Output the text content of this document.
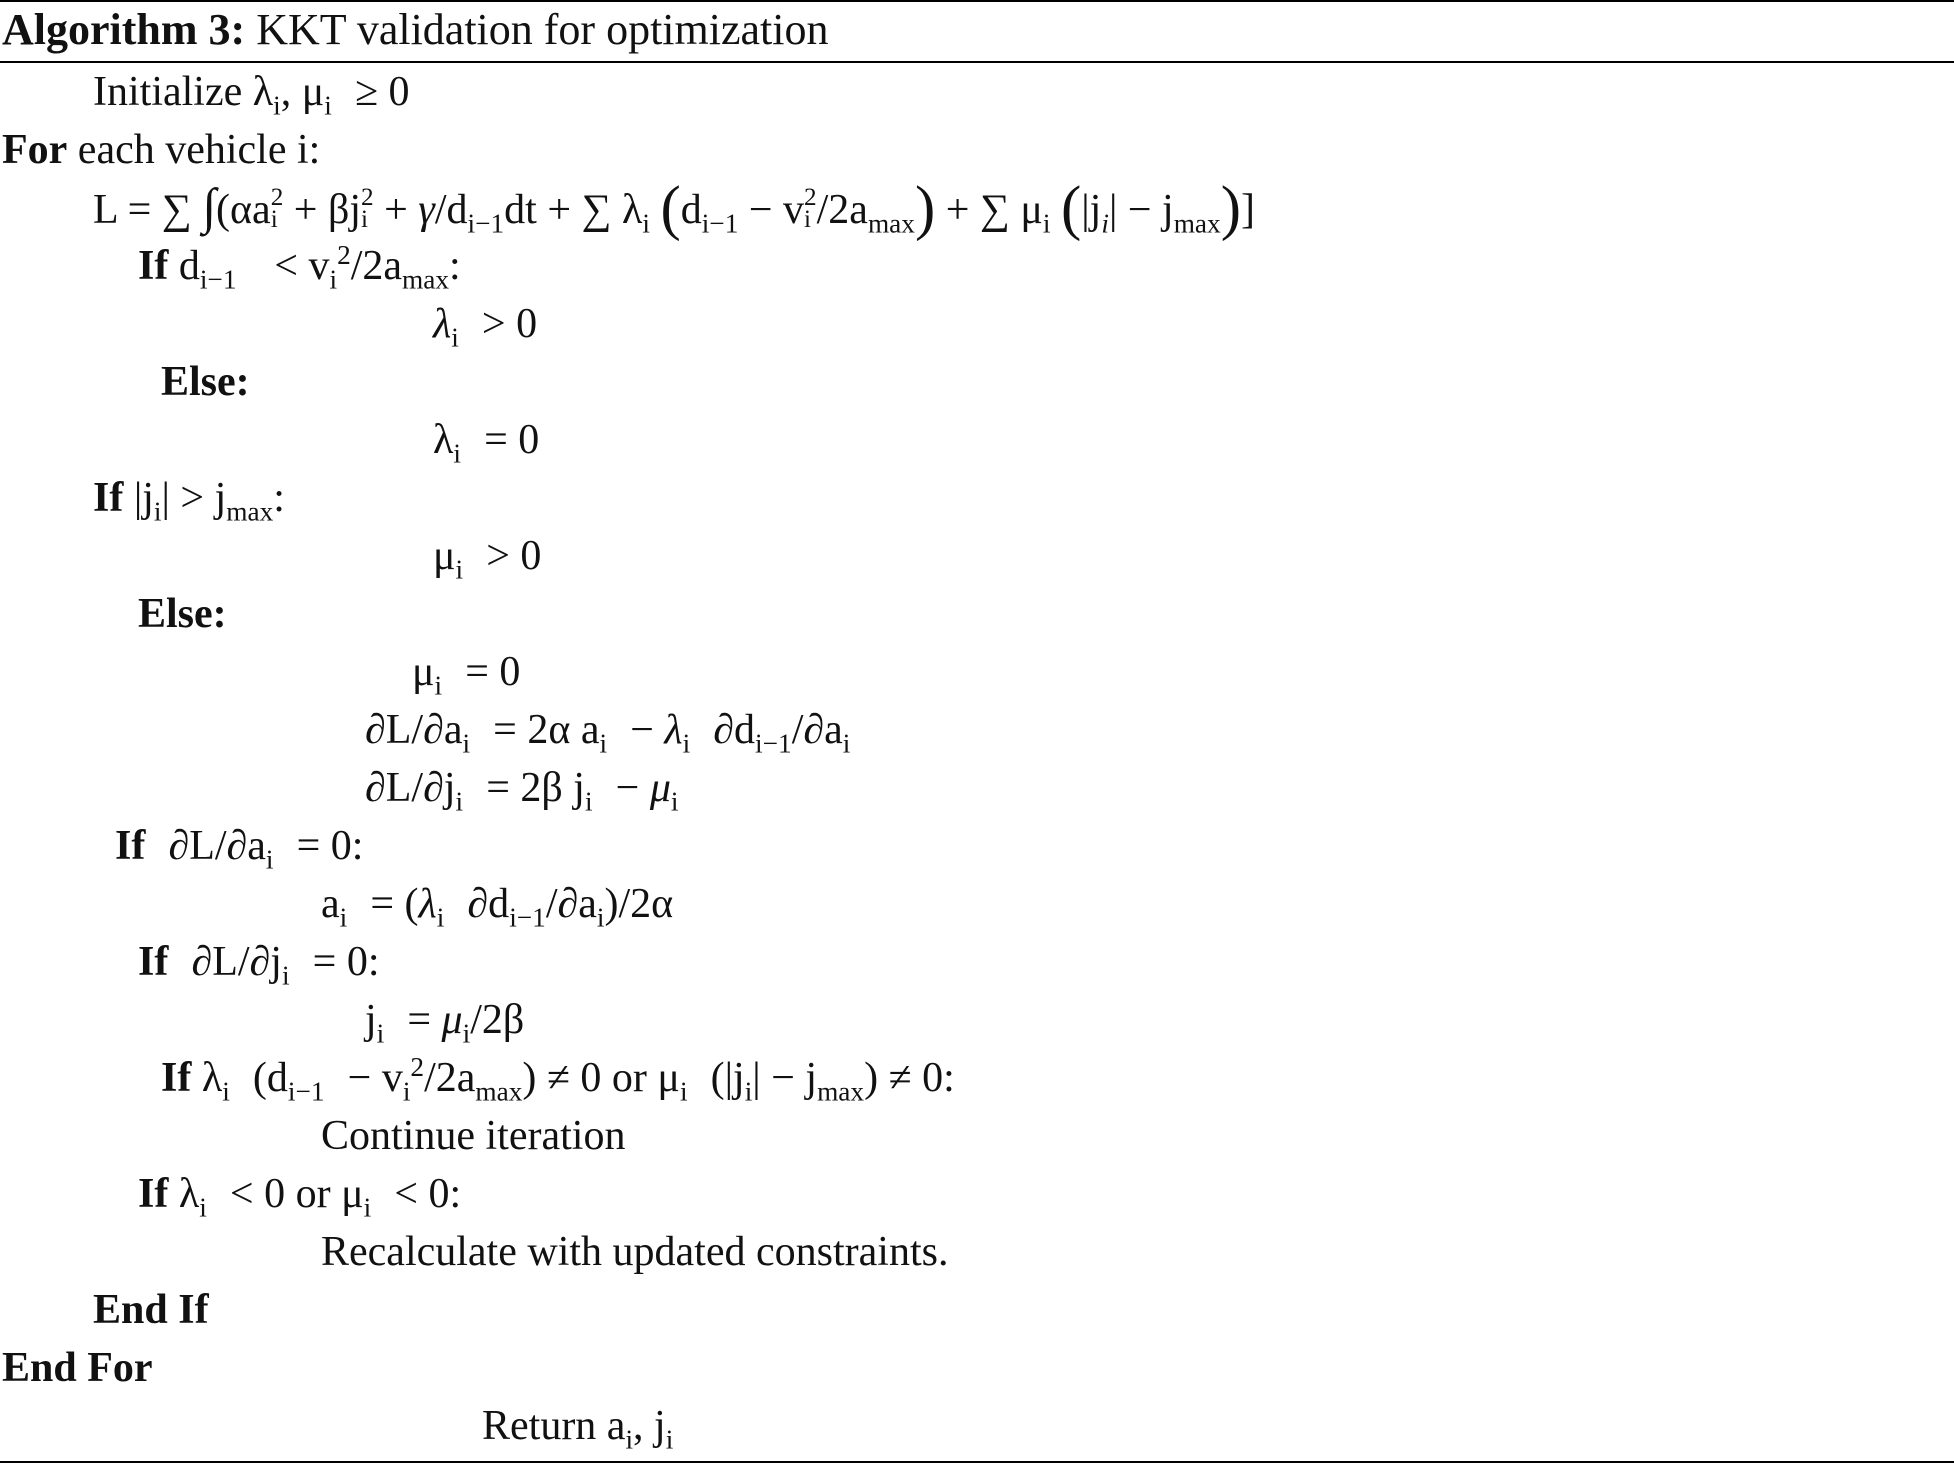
Algorithm 3: KKT validation for optimization
Initialize $\lambda_i$, $\mu_i \ge 0$
For each vehicle i:
L = ∑ ∫(αa 2
i + βj 2
$i + \gamma/d_{i-1}dt$ + ∑ $\lambda_i$ ($d_{i-1} - v$ 2
i $/2a_{max}$) + ∑ $\mu_i$ $(|j_i| - j_{max})$]
If $d_{i-1} < v_i^2/2a_{max}$:
$\lambda_i > 0$
Else:
$\lambda_i = 0$
If $|j_i| > j_{max}$:
$\mu_i > 0$
Else:
$\mu_i = 0$
$\partial L/\partial a_i = 2\alpha$ $a_i - \lambda_i$ $\partial d_{i-1}/\partial a_i$
$\partial L/\partial j_i = 2\beta$ $j_i - \mu_i$
If $\partial L/\partial a_i = 0$:
$a_i = (\lambda_i$ $\partial d_{i-1}/\partial a_i)/2\alpha$
If $\partial L/\partial j_i = 0$:
$j_i = \mu_i/2\beta$
If $\lambda_i$ $(d_{i-1} - v_i^2/2a_{max}) \ne 0$ or $\mu_i$ $(|j_i| - j_{max}) \ne 0$:
Continue iteration
If $\lambda_i < 0$ or $\mu_i < 0$:
Recalculate with updated constraints.
End If
End For
Return $a_i$, $j_i$
